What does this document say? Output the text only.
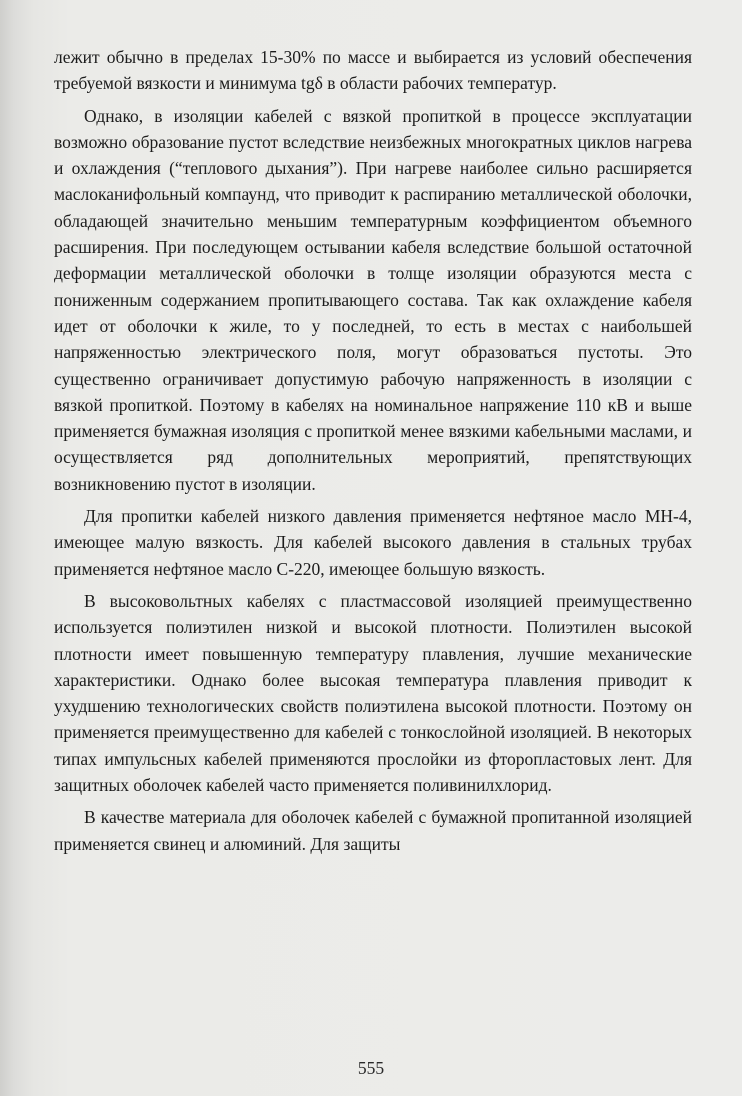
лежит обычно в пределах 15-30% по массе и выбирается из условий обеспечения требуемой вязкости и минимума tgδ в области рабочих температур.

Однако, в изоляции кабелей с вязкой пропиткой в процессе эксплуатации возможно образование пустот вследствие неизбежных многократных циклов нагрева и охлаждения (“теплового дыхания”). При нагреве наиболее сильно расширяется маслоканифольный компаунд, что приводит к распиранию металлической оболочки, обладающей значительно меньшим температурным коэффициентом объемного расширения. При последующем остывании кабеля вследствие большой остаточной деформации металлической оболочки в толще изоляции образуются места с пониженным содержанием пропитывающего состава. Так как охлаждение кабеля идет от оболочки к жиле, то у последней, то есть в местах с наибольшей напряженностью электрического поля, могут образоваться пустоты. Это существенно ограничивает допустимую рабочую напряженность в изоляции с вязкой пропиткой. Поэтому в кабелях на номинальное напряжение 110 кВ и выше применяется бумажная изоляция с пропиткой менее вязкими кабельными маслами, и осуществляется ряд дополнительных мероприятий, препятствующих возникновению пустот в изоляции.

Для пропитки кабелей низкого давления применяется нефтяное масло МН-4, имеющее малую вязкость. Для кабелей высокого давления в стальных трубах применяется нефтяное масло С-220, имеющее большую вязкость.

В высоковольтных кабелях с пластмассовой изоляцией преимущественно используется полиэтилен низкой и высокой плотности. Полиэтилен высокой плотности имеет повышенную температуру плавления, лучшие механические характеристики. Однако более высокая температура плавления приводит к ухудшению технологических свойств полиэтилена высокой плотности. Поэтому он применяется преимущественно для кабелей с тонкослойной изоляцией. В некоторых типах импульсных кабелей применяются прослойки из фторопластовых лент. Для защитных оболочек кабелей часто применяется поливинилхлорид.

В качестве материала для оболочек кабелей с бумажной пропитанной изоляцией применяется свинец и алюминий. Для защиты

555
